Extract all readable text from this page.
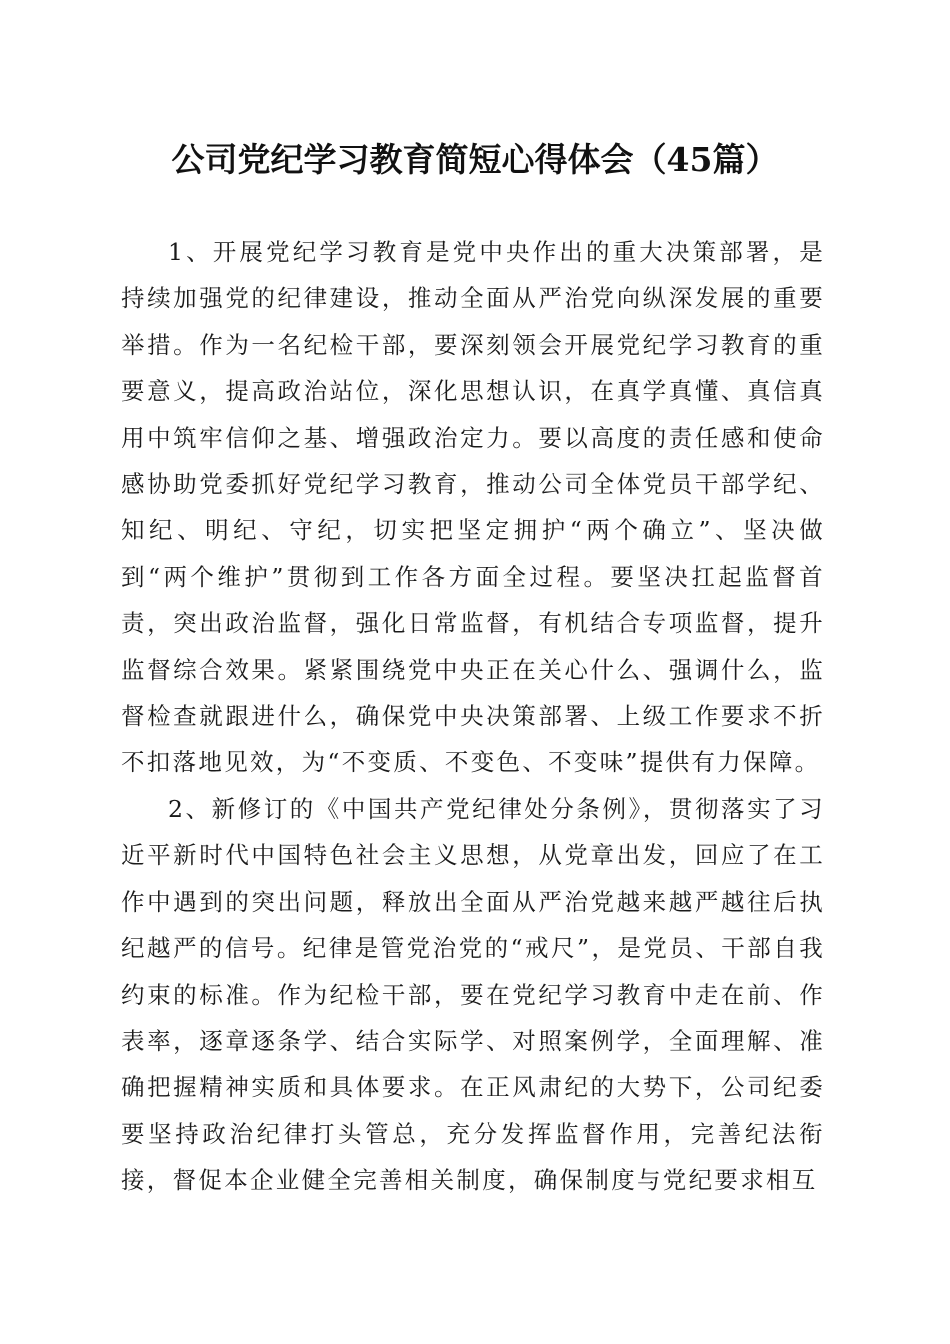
公司党纪学习教育简短心得体会（45篇）

1、开展党纪学习教育是党中央作出的重大决策部署，是持续加强党的纪律建设，推动全面从严治党向纵深发展的重要举措。作为一名纪检干部，要深刻领会开展党纪学习教育的重要意义，提高政治站位，深化思想认识，在真学真懂、真信真用中筑牢信仰之基、增强政治定力。要以高度的责任感和使命感协助党委抓好党纪学习教育，推动公司全体党员干部学纪、知纪、明纪、守纪，切实把坚定拥护“两个确立”、坚决做到“两个维护”贯彻到工作各方面全过程。要坚决扛起监督首责，突出政治监督，强化日常监督，有机结合专项监督，提升监督综合效果。紧紧围绕党中央正在关心什么、强调什么，监督检查就跟进什么，确保党中央决策部署、上级工作要求不折不扣落地见效，为“不变质、不变色、不变味”提供有力保障。

2、新修订的《中国共产党纪律处分条例》，贯彻落实了习近平新时代中国特色社会主义思想，从党章出发，回应了在工作中遇到的突出问题，释放出全面从严治党越来越严越往后执纪越严的信号。纪律是管党治党的“戒尺”，是党员、干部自我约束的标准。作为纪检干部，要在党纪学习教育中走在前、作表率，逐章逐条学、结合实际学、对照案例学，全面理解、准确把握精神实质和具体要求。在正风肃纪的大势下，公司纪委要坚持政治纪律打头管总，充分发挥监督作用，完善纪法衔接，督促本企业健全完善相关制度，确保制度与党纪要求相互
